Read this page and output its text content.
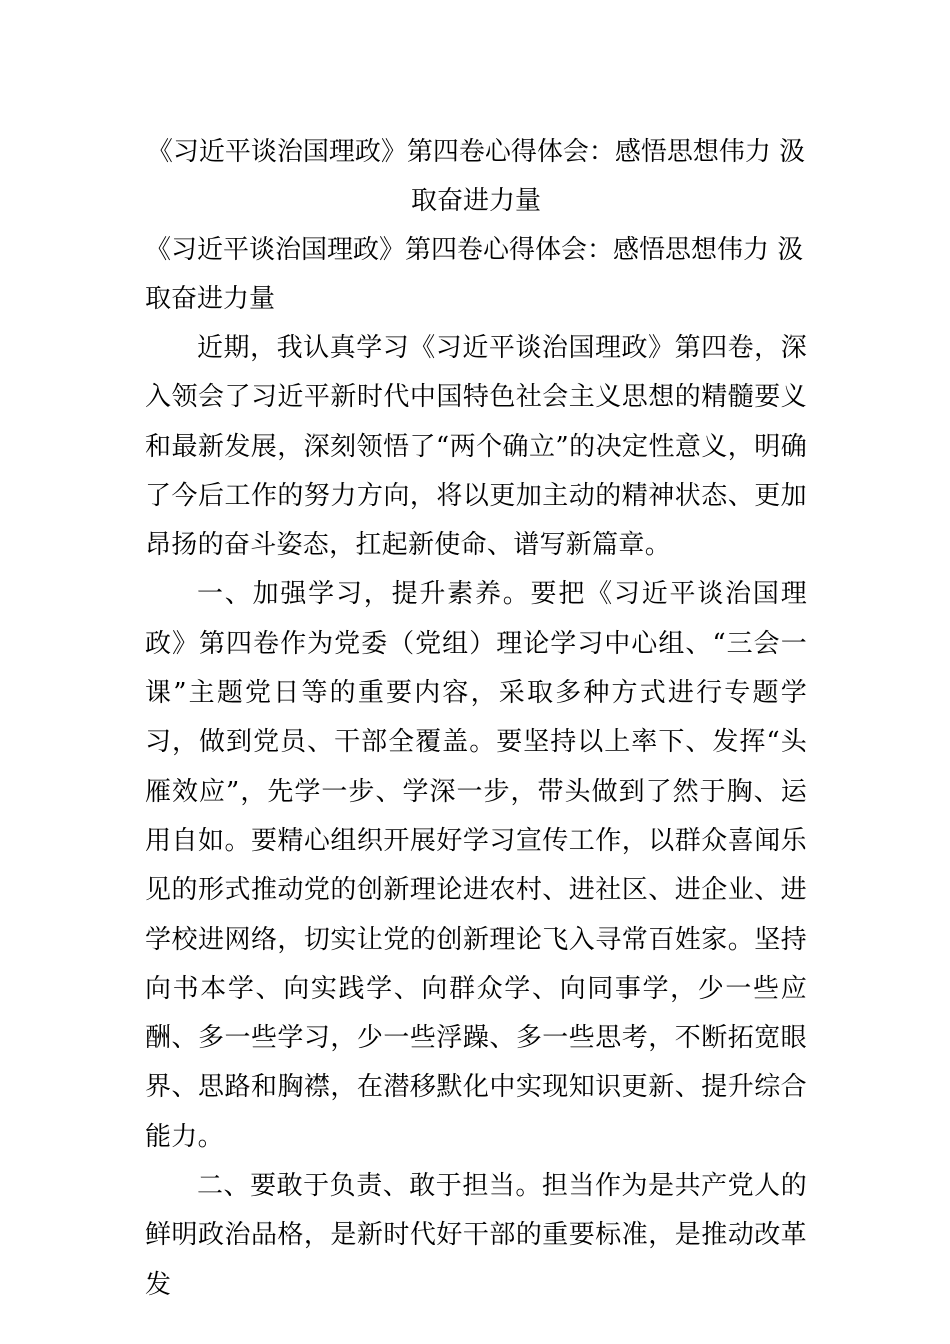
《习近平谈治国理政》第四卷心得体会：感悟思想伟力 汲取奋进力量

《习近平谈治国理政》第四卷心得体会：感悟思想伟力 汲取奋进力量

近期，我认真学习《习近平谈治国理政》第四卷，深入领会了习近平新时代中国特色社会主义思想的精髓要义和最新发展，深刻领悟了“两个确立”的决定性意义，明确了今后工作的努力方向，将以更加主动的精神状态、更加昂扬的奋斗姿态，扛起新使命、谱写新篇章。

一、加强学习，提升素养。要把《习近平谈治国理政》第四卷作为党委（党组）理论学习中心组、“三会一课”主题党日等的重要内容，采取多种方式进行专题学习，做到党员、干部全覆盖。要坚持以上率下、发挥“头雁效应”，先学一步、学深一步，带头做到了然于胸、运用自如。要精心组织开展好学习宣传工作，以群众喜闻乐见的形式推动党的创新理论进农村、进社区、进企业、进学校进网络，切实让党的创新理论飞入寻常百姓家。坚持向书本学、向实践学、向群众学、向同事学，少一些应酬、多一些学习，少一些浮躁、多一些思考，不断拓宽眼界、思路和胸襟，在潜移默化中实现知识更新、提升综合能力。

二、要敢于负责、敢于担当。担当作为是共产党人的鲜明政治品格，是新时代好干部的重要标准，是推动改革发
